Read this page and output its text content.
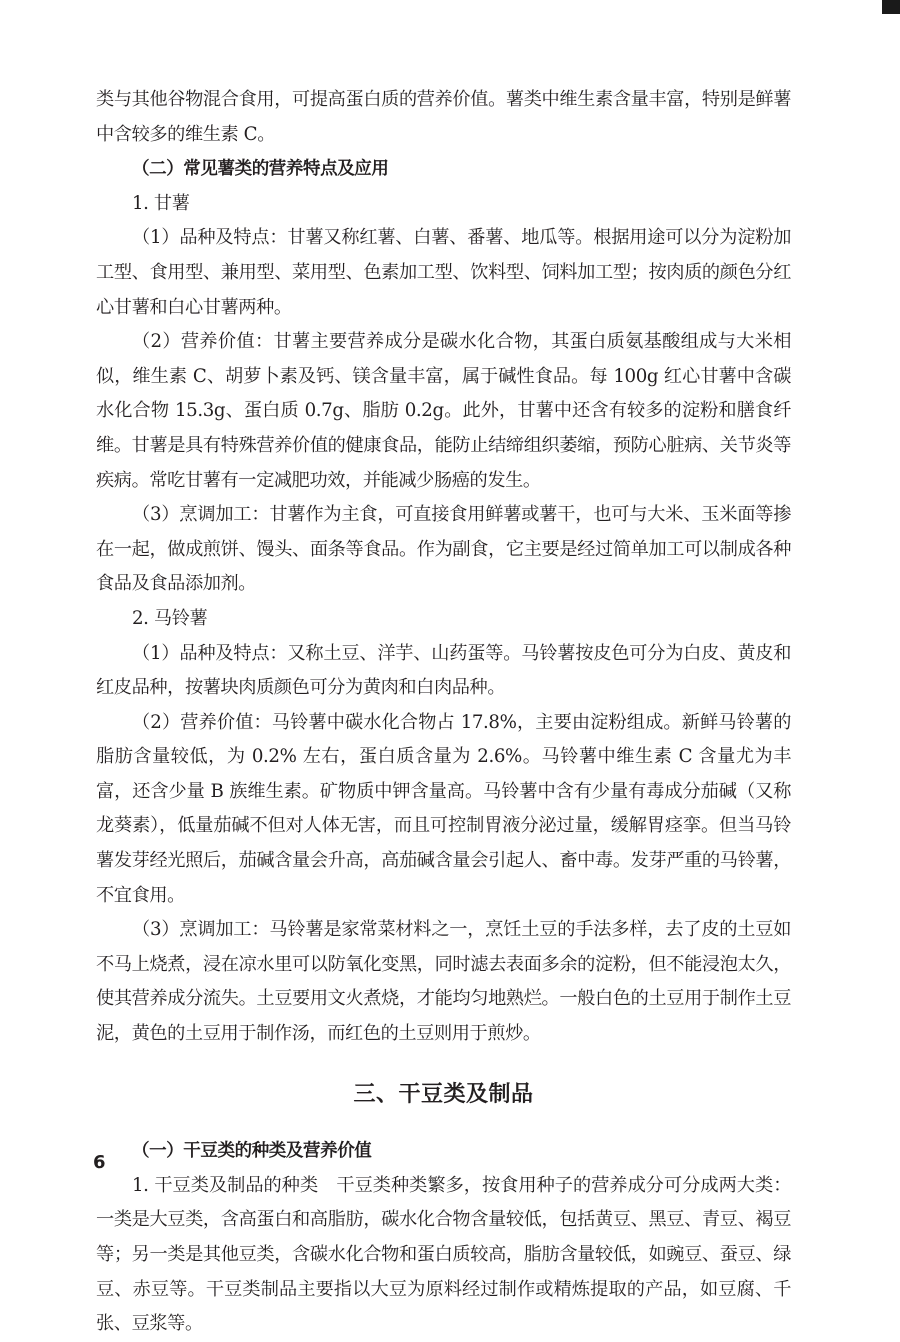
类与其他谷物混合食用，可提高蛋白质的营养价值。薯类中维生素含量丰富，特别是鲜薯中含较多的维生素 C。

（二）常见薯类的营养特点及应用

1. 甘薯

（1）品种及特点：甘薯又称红薯、白薯、番薯、地瓜等。根据用途可以分为淀粉加工型、食用型、兼用型、菜用型、色素加工型、饮料型、饲料加工型；按肉质的颜色分红心甘薯和白心甘薯两种。

（2）营养价值：甘薯主要营养成分是碳水化合物，其蛋白质氨基酸组成与大米相似，维生素 C、胡萝卜素及钙、镁含量丰富，属于碱性食品。每 100g 红心甘薯中含碳水化合物 15.3g、蛋白质 0.7g、脂肪 0.2g。此外，甘薯中还含有较多的淀粉和膳食纤维。甘薯是具有特殊营养价值的健康食品，能防止结缔组织萎缩，预防心脏病、关节炎等疾病。常吃甘薯有一定减肥功效，并能减少肠癌的发生。

（3）烹调加工：甘薯作为主食，可直接食用鲜薯或薯干，也可与大米、玉米面等掺在一起，做成煎饼、馒头、面条等食品。作为副食，它主要是经过简单加工可以制成各种食品及食品添加剂。

2. 马铃薯

（1）品种及特点：又称土豆、洋芋、山药蛋等。马铃薯按皮色可分为白皮、黄皮和红皮品种，按薯块肉质颜色可分为黄肉和白肉品种。

（2）营养价值：马铃薯中碳水化合物占 17.8%，主要由淀粉组成。新鲜马铃薯的脂肪含量较低，为 0.2% 左右，蛋白质含量为 2.6%。马铃薯中维生素 C 含量尤为丰富，还含少量 B 族维生素。矿物质中钾含量高。马铃薯中含有少量有毒成分茄碱（又称龙葵素），低量茄碱不但对人体无害，而且可控制胃液分泌过量，缓解胃痉挛。但当马铃薯发芽经光照后，茄碱含量会升高，高茄碱含量会引起人、畜中毒。发芽严重的马铃薯，不宜食用。

（3）烹调加工：马铃薯是家常菜材料之一，烹饪土豆的手法多样，去了皮的土豆如不马上烧煮，浸在凉水里可以防氧化变黑，同时滤去表面多余的淀粉，但不能浸泡太久，使其营养成分流失。土豆要用文火煮烧，才能均匀地熟烂。一般白色的土豆用于制作土豆泥，黄色的土豆用于制作汤，而红色的土豆则用于煎炒。

三、干豆类及制品
（一）干豆类的种类及营养价值

1. 干豆类及制品的种类　干豆类种类繁多，按食用种子的营养成分可分成两大类：一类是大豆类，含高蛋白和高脂肪，碳水化合物含量较低，包括黄豆、黑豆、青豆、褐豆等；另一类是其他豆类，含碳水化合物和蛋白质较高，脂肪含量较低，如豌豆、蚕豆、绿豆、赤豆等。干豆类制品主要指以大豆为原料经过制作或精炼提取的产品，如豆腐、千张、豆浆等。

6
